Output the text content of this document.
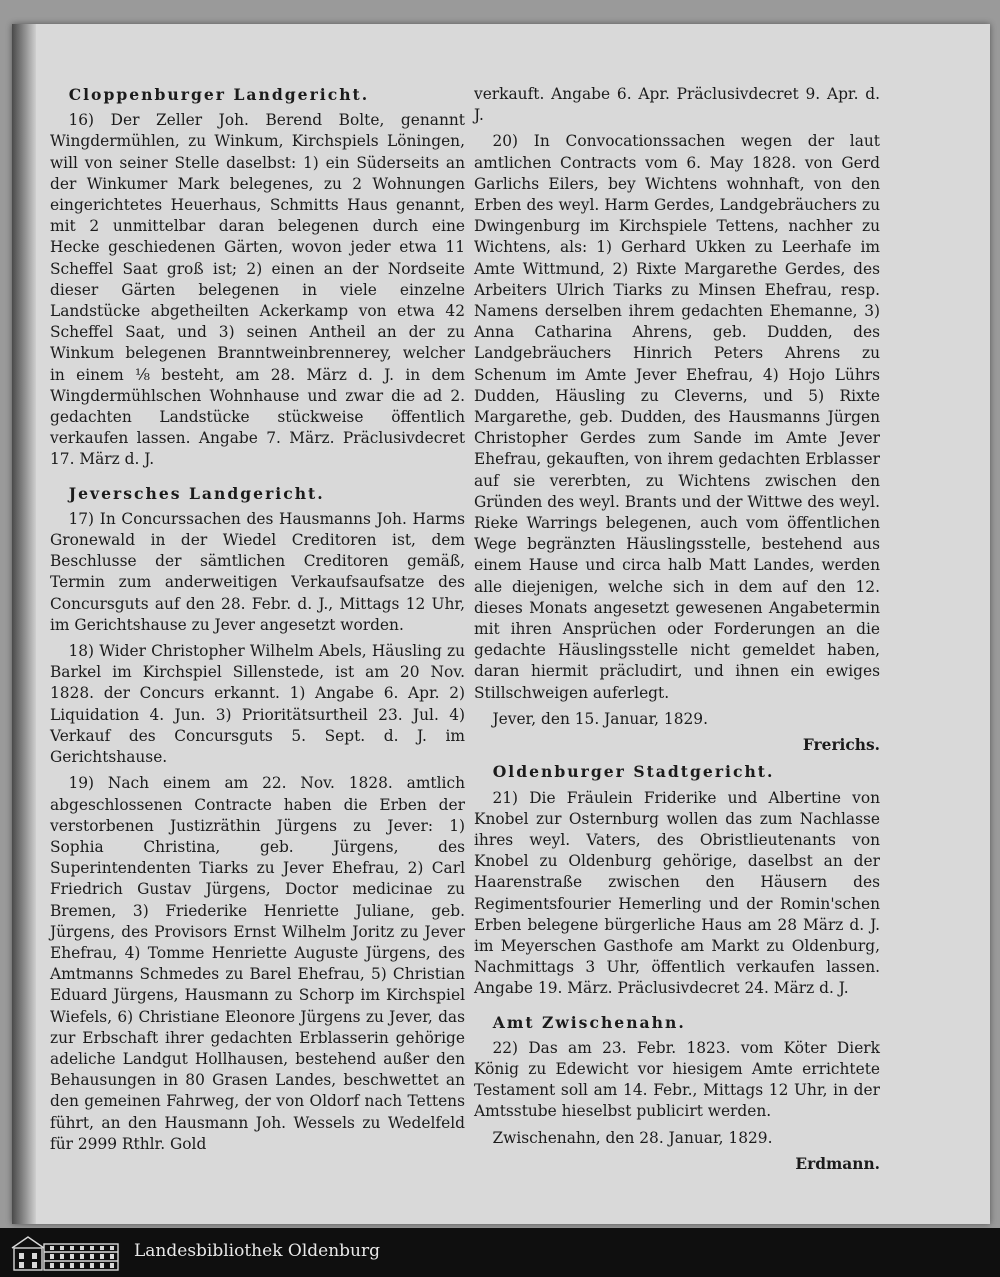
Cloppenburger Landgericht.

16) Der Zeller Joh. Berend Bolte, genannt Wingdermühlen, zu Winkum, Kirchspiels Löningen, will von seiner Stelle daselbst: 1) ein Süderseits an der Winkumer Mark belegenes, zu 2 Wohnungen eingerichtetes Heuerhaus, Schmitts Haus genannt, mit 2 unmittelbar daran belegenen durch eine Hecke geschiedenen Gärten, wovon jeder etwa 11 Scheffel Saat groß ist; 2) einen an der Nordseite dieser Gärten belegenen in viele einzelne Landstücke abgetheilten Ackerkamp von etwa 42 Scheffel Saat, und 3) seinen Antheil an der zu Winkum belegenen Branntweinbrennerey, welcher in einem ⅛ besteht, am 28. März d. J. in dem Wingdermühlschen Wohnhause und zwar die ad 2. gedachten Landstücke stückweise öffentlich verkaufen lassen. Angabe 7. März. Präclusivdecret 17. März d. J.

Jeversches Landgericht.

17) In Concurssachen des Hausmanns Joh. Harms Gronewald in der Wiedel Creditoren ist, dem Beschlusse der sämtlichen Creditoren gemäß, Termin zum anderweitigen Verkaufsaufsatze des Concursguts auf den 28. Febr. d. J., Mittags 12 Uhr, im Gerichtshause zu Jever angesetzt worden.

18) Wider Christopher Wilhelm Abels, Häusling zu Barkel im Kirchspiel Sillenstede, ist am 20 Nov. 1828. der Concurs erkannt. 1) Angabe 6. Apr. 2) Liquidation 4. Jun. 3) Prioritätsurtheil 23. Jul. 4) Verkauf des Concursguts 5. Sept. d. J. im Gerichtshause.

19) Nach einem am 22. Nov. 1828. amtlich abgeschlossenen Contracte haben die Erben der verstorbenen Justizräthin Jürgens zu Jever: 1) Sophia Christina, geb. Jürgens, des Superintendenten Tiarks zu Jever Ehefrau, 2) Carl Friedrich Gustav Jürgens, Doctor medicinae zu Bremen, 3) Friederike Henriette Juliane, geb. Jürgens, des Provisors Ernst Wilhelm Joritz zu Jever Ehefrau, 4) Tomme Henriette Auguste Jürgens, des Amtmanns Schmedes zu Barel Ehefrau, 5) Christian Eduard Jürgens, Hausmann zu Schorp im Kirchspiel Wiefels, 6) Christiane Eleonore Jürgens zu Jever, das zur Erbschaft ihrer gedachten Erblasserin gehörige adeliche Landgut Hollhausen, bestehend außer den Behausungen in 80 Grasen Landes, beschwettet an den gemeinen Fahrweg, der von Oldorf nach Tettens führt, an den Hausmann Joh. Wessels zu Wedelfeld für 2999 Rthlr. Gold

verkauft. Angabe 6. Apr. Präclusivdecret 9. Apr. d. J.

20) In Convocationssachen wegen der laut amtlichen Contracts vom 6. May 1828. von Gerd Garlichs Eilers, bey Wichtens wohnhaft, von den Erben des weyl. Harm Gerdes, Landgebräuchers zu Dwingenburg im Kirchspiele Tettens, nachher zu Wichtens, als: 1) Gerhard Ukken zu Leerhafe im Amte Wittmund, 2) Rixte Margarethe Gerdes, des Arbeiters Ulrich Tiarks zu Minsen Ehefrau, resp. Namens derselben ihrem gedachten Ehemanne, 3) Anna Catharina Ahrens, geb. Dudden, des Landgebräuchers Hinrich Peters Ahrens zu Schenum im Amte Jever Ehefrau, 4) Hojo Lührs Dudden, Häusling zu Cleverns, und 5) Rixte Margarethe, geb. Dudden, des Hausmanns Jürgen Christopher Gerdes zum Sande im Amte Jever Ehefrau, gekauften, von ihrem gedachten Erblasser auf sie vererbten, zu Wichtens zwischen den Gründen des weyl. Brants und der Wittwe des weyl. Rieke Warrings belegenen, auch vom öffentlichen Wege begränzten Häuslingsstelle, bestehend aus einem Hause und circa halb Matt Landes, werden alle diejenigen, welche sich in dem auf den 12. dieses Monats angesetzt gewesenen Angabetermin mit ihren Ansprüchen oder Forderungen an die gedachte Häuslingsstelle nicht gemeldet haben, daran hiermit präcludirt, und ihnen ein ewiges Stillschweigen auferlegt.

Jever, den 15. Januar, 1829.

Frerichs.

Oldenburger Stadtgericht.

21) Die Fräulein Friderike und Albertine von Knobel zur Osternburg wollen das zum Nachlasse ihres weyl. Vaters, des Obristlieutenants von Knobel zu Oldenburg gehörige, daselbst an der Haarenstraße zwischen den Häusern des Regimentsfourier Hemerling und der Romin'schen Erben belegene bürgerliche Haus am 28 März d. J. im Meyerschen Gasthofe am Markt zu Oldenburg, Nachmittags 3 Uhr, öffentlich verkaufen lassen. Angabe 19. März. Präclusivdecret 24. März d. J.

Amt Zwischenahn.

22) Das am 23. Febr. 1823. vom Köter Dierk König zu Edewicht vor hiesigem Amte errichtete Testament soll am 14. Febr., Mittags 12 Uhr, in der Amtsstube hieselbst publicirt werden.

Zwischenahn, den 28. Januar, 1829.

Erdmann.

Landesbibliothek Oldenburg
